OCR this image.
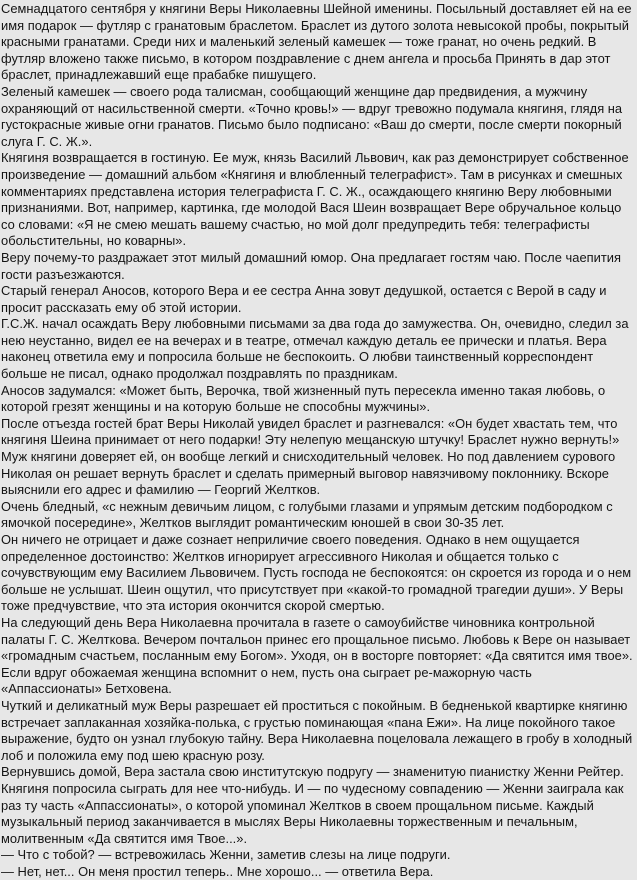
Семнадцатого сентября у княгини Веры Николаевны Шейной именины. Посыльный доставляет ей на ее имя подарок — футляр с гранатовым браслетом. Браслет из дутого золота невысокой пробы, покрытый красными гранатами. Среди них и маленький зеленый камешек — тоже гранат, но очень редкий. В футляр вложено также письмо, в котором поздравление с днем ангела и просьба Принять в дар этот браслет, принадлежавший еще прабабке пишущего.

Зеленый камешек — своего рода талисман, сообщающий женщине дар предвидения, а мужчину охраняющий от насильственной смерти. «Точно кровь!» — вдруг тревожно подумала княгиня, глядя на густокрасные живые огни гранатов. Письмо было подписано: «Ваш до смерти, после смерти покорный слуга Г. С. Ж.».

Княгиня возвращается в гостиную. Ее муж, князь Василий Львович, как раз демонстрирует собственное произведение — домашний альбом «Княгиня и влюбленный телеграфист». Там в рисунках и смешных комментариях представлена история телеграфиста Г. С. Ж., осаждающего княгиню Веру любовными признаниями. Вот, например, картинка, где молодой Вася Шеин возвращает Вере обручальное кольцо со словами: «Я не смею мешать вашему счастью, но мой долг предупредить тебя: телеграфисты обольстительны, но коварны».

Веру почему-то раздражает этот милый домашний юмор. Она предлагает гостям чаю. После чаепития гости разъезжаются.

Старый генерал Аносов, которого Вера и ее сестра Анна зовут дедушкой, остается с Верой в саду и просит рассказать ему об этой истории.

Г.С.Ж. начал осаждать Веру любовными письмами за два года до замужества. Он, очевидно, следил за нею неустанно, видел ее на вечерах и в театре, отмечал каждую деталь ее прически и платья. Вера наконец ответила ему и попросила больше не беспокоить. О любви таинственный корреспондент больше не писал, однако продолжал поздравлять по праздникам.

Аносов задумался: «Может быть, Верочка, твой жизненный путь пересекла именно такая любовь, о которой грезят женщины и на которую больше не способны мужчины».

После отъезда гостей брат Веры Николай увидел браслет и разгневался: «Он будет хвастать тем, что княгиня Шеина принимает от него подарки! Эту нелепую мещанскую штучку! Браслет нужно вернуть!»

Муж княгини доверяет ей, он вообще легкий и снисходительный человек. Но под давлением сурового Николая он решает вернуть браслет и сделать примерный выговор навязчивому поклоннику. Вскоре выяснили его адрес и фамилию — Георгий Желтков.

Очень бледный, «с нежным девичьим лицом, с голубыми глазами и упрямым детским подбородком с ямочкой посередине», Желтков выглядит романтическим юношей в свои 30-35 лет.

Он ничего не отрицает и даже сознает неприличие своего поведения. Однако в нем ощущается определенное достоинство: Желтков игнорирует агрессивного Николая и общается только с сочувствующим ему Василием Львовичем. Пусть господа не беспокоятся: он скроется из города и о нем больше не услышат. Шеин ощутил, что присутствует при «какой-то громадной трагедии души». У Веры тоже предчувствие, что эта история окончится скорой смертью.

На следующий день Вера Николаевна прочитала в газете о самоубийстве чиновника контрольной палаты Г. С. Желткова. Вечером почтальон принес его прощальное письмо. Любовь к Вере он называет «громадным счастьем, посланным ему Богом». Уходя, он в восторге повторяет: «Да святится имя твое». Если вдруг обожаемая женщина вспомнит о нем, пусть она сыграет ре-мажорную часть «Аппассионаты» Бетховена.

Чуткий и деликатный муж Веры разрешает ей проститься с покойным. В бедненькой квартирке княгиню встречает заплаканная хозяйка-полька, с грустью поминающая «пана Ежи». На лице покойного такое выражение, будто он узнал глубокую тайну. Вера Николаевна поцеловала лежащего в гробу в холодный лоб и положила ему под шею красную розу.

Вернувшись домой, Вера застала свою институтскую подругу — знаменитую пианистку Женни Рейтер. Княгиня попросила сыграть для нее что-нибудь. И — по чудесному совпадению — Женни заиграла как раз ту часть «Аппассионаты», о которой упоминал Желтков в своем прощальном письме. Каждый музыкальный период заканчивается в мыслях Веры Николаевны торжественным и печальным, молитвенным «Да святится имя Твое...».

— Что с тобой? — встревожилась Женни, заметив слезы на лице подруги.

— Нет, нет... Он меня простил теперь.. Мне хорошо... — ответила Вера.
